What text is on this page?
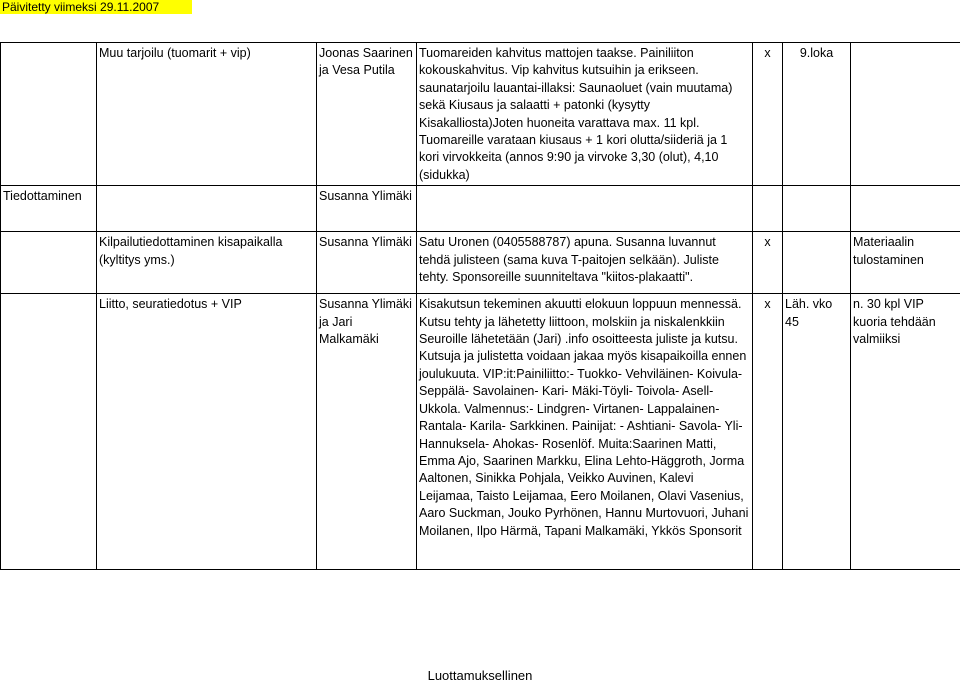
Päivitetty viimeksi 29.11.2007
	Muu tarjoilu (tuomarit + vip)	Joonas Saarinen ja Vesa Putila	Tuomareiden kahvitus mattojen taakse. Painiliiton kokouskahvitus. Vip kahvitus kutsuihin ja erikseen. saunatarjoilu lauantai-illaksi: Saunaoluet (vain muutama) sekä Kiusaus ja salaatti + patonki (kysytty Kisakalliosta)Joten huoneita varattava max. 11 kpl. Tuomareille varataan kiusaus + 1 kori olutta/siideriä ja 1 kori virvokkeita (annos 9:90 ja virvoke 3,30 (olut), 4,10 (sidukka)	x	9.loka	
Tiedottaminen		Susanna Ylimäki				
	Kilpailutiedottaminen kisapaikalla (kyltitys yms.)	Susanna Ylimäki	Satu Uronen (0405588787) apuna. Susanna luvannut tehdä julisteen (sama kuva T-paitojen selkään). Juliste tehty. Sponsoreille suunniteltava "kiitos-plakaatti".	x		Materiaalin tulostaminen
	Liitto, seuratiedotus + VIP	Susanna Ylimäki ja Jari Malkamäki	Kisakutsun tekeminen akuutti elokuun loppuun mennessä. Kutsu tehty ja lähetetty liittoon, molskiin ja niskalenkkiin Seuroille lähetetään (Jari) .info osoitteesta juliste ja kutsu. Kutsuja ja julistetta voidaan jakaa myös kisapaikoilla ennen joulukuuta. VIP:it:Painiliitto:- Tuokko- Vehviläinen- Koivula- Seppälä- Savolainen- Kari- Mäki-Töyli- Toivola- Asell- Ukkola. Valmennus:- Lindgren- Virtanen- Lappalainen- Rantala- Karila- Sarkkinen. Painijat: - Ashtiani- Savola- Yli-Hannukselа- Ahokas- Rosenlöf. Muita:Saarinen Matti, Emma Ajo, Saarinen Markku, Elina Lehto-Häggroth, Jorma Aaltonen, Sinikka Pohjala, Veikko Auvinen, Kalevi Leijamaa, Taisto Leijamaa, Eero Moilanen, Olavi Vasenius, Aaro Suckman, Jouko Pyrhönen, Hannu Murtovuori, Juhani Moilanen, Ilpo Härmä, Tapani Malkamäki, Ykkös Sponsorit	x	Läh. vko 45	n. 30 kpl VIP kuoria tehdään valmiiksi
Luottamuksellinen
